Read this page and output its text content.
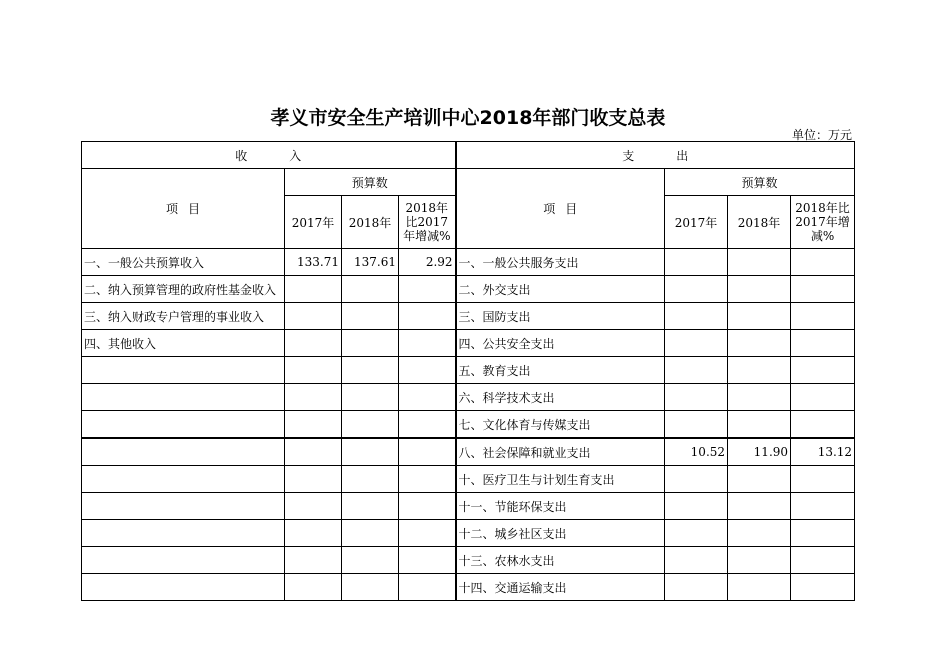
孝义市安全生产培训中心2018年部门收支总表
单位：万元
收 入				支 出			
项 目	预算数			项 目	预算数		
	2017年	2018年	2018年比2017年增减%		2017年	2018年	2018年比2017年增减%
一、一般公共预算收入	133.71	137.61	2.92	一、一般公共服务支出			
二、纳入预算管理的政府性基金收入				二、外交支出			
三、纳入财政专户管理的事业收入				三、国防支出			
四、其他收入				四、公共安全支出			
				五、教育支出			
				六、科学技术支出			
				七、文化体育与传媒支出			
				八、社会保障和就业支出	10.52	11.90	13.12
				十、医疗卫生与计划生育支出			
				十一、节能环保支出			
				十二、城乡社区支出			
				十三、农林水支出			
				十四、交通运输支出			
